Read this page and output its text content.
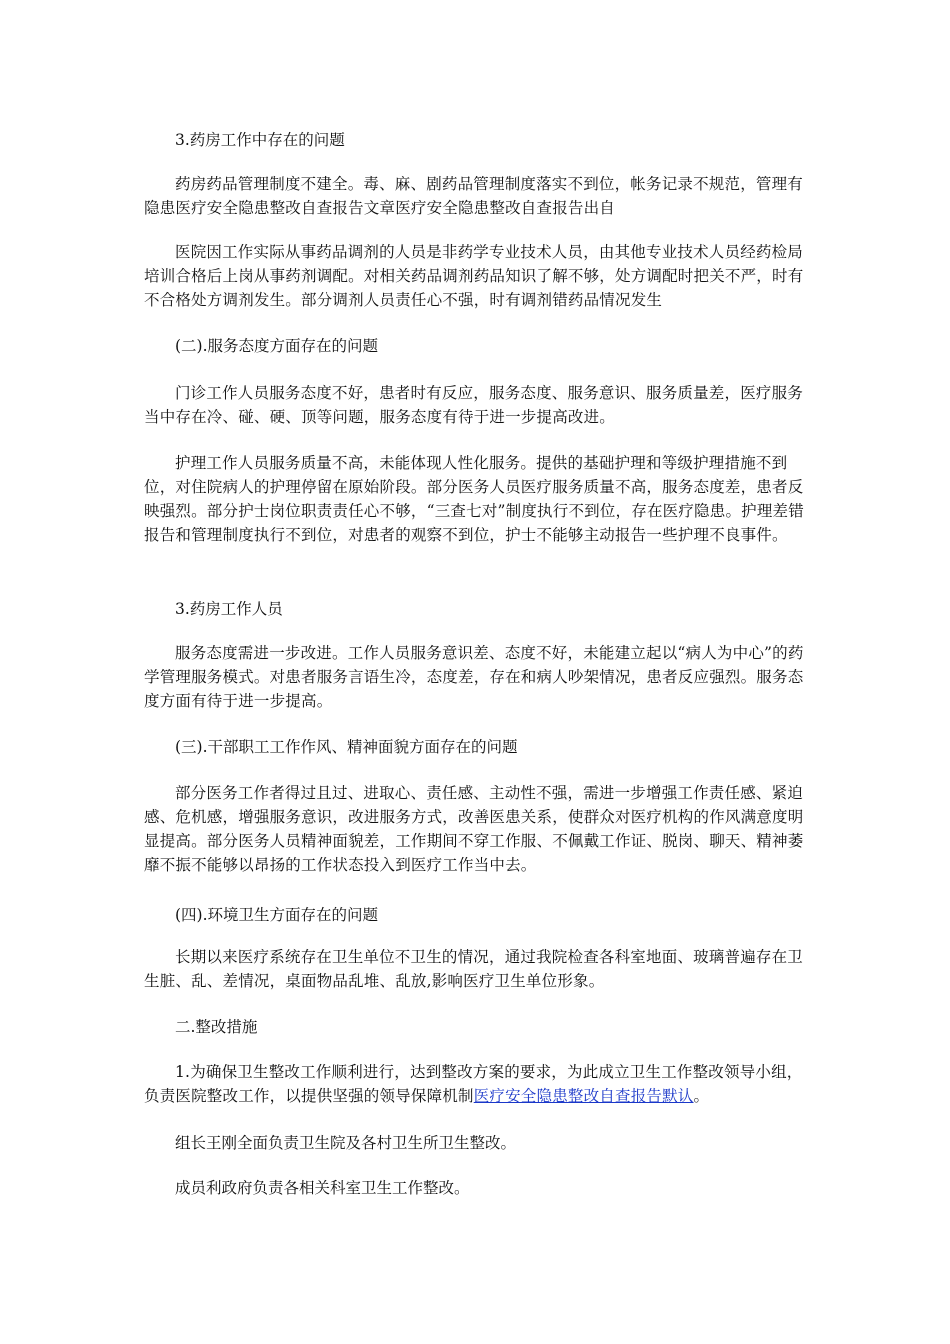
3.药房工作中存在的问题

药房药品管理制度不建全。毒、麻、剧药品管理制度落实不到位，帐务记录不规范，管理有隐患医疗安全隐患整改自查报告文章医疗安全隐患整改自查报告出自

医院因工作实际从事药品调剂的人员是非药学专业技术人员，由其他专业技术人员经药检局培训合格后上岗从事药剂调配。对相关药品调剂药品知识了解不够，处方调配时把关不严，时有不合格处方调剂发生。部分调剂人员责任心不强，时有调剂错药品情况发生

(二).服务态度方面存在的问题

门诊工作人员服务态度不好，患者时有反应，服务态度、服务意识、服务质量差，医疗服务当中存在冷、碰、硬、顶等问题，服务态度有待于进一步提高改进。

护理工作人员服务质量不高，未能体现人性化服务。提供的基础护理和等级护理措施不到位，对住院病人的护理停留在原始阶段。部分医务人员医疗服务质量不高，服务态度差，患者反映强烈。部分护士岗位职责责任心不够，“三查七对”制度执行不到位，存在医疗隐患。护理差错报告和管理制度执行不到位，对患者的观察不到位，护士不能够主动报告一些护理不良事件。

3.药房工作人员

服务态度需进一步改进。工作人员服务意识差、态度不好，未能建立起以“病人为中心”的药学管理服务模式。对患者服务言语生冷，态度差，存在和病人吵架情况，患者反应强烈。服务态度方面有待于进一步提高。

(三).干部职工工作作风、精神面貌方面存在的问题

部分医务工作者得过且过、进取心、责任感、主动性不强，需进一步增强工作责任感、紧迫感、危机感，增强服务意识，改进服务方式，改善医患关系，使群众对医疗机构的作风满意度明显提高。部分医务人员精神面貌差，工作期间不穿工作服、不佩戴工作证、脱岗、聊天、精神萎靡不振不能够以昂扬的工作状态投入到医疗工作当中去。

(四).环境卫生方面存在的问题

长期以来医疗系统存在卫生单位不卫生的情况，通过我院检查各科室地面、玻璃普遍存在卫生脏、乱、差情况，桌面物品乱堆、乱放,影响医疗卫生单位形象。

二.整改措施

1.为确保卫生整改工作顺利进行，达到整改方案的要求，为此成立卫生工作整改领导小组，负责医院整改工作，以提供坚强的领导保障机制医疗安全隐患整改自查报告默认。

组长王刚全面负责卫生院及各村卫生所卫生整改。

成员利政府负责各相关科室卫生工作整改。
